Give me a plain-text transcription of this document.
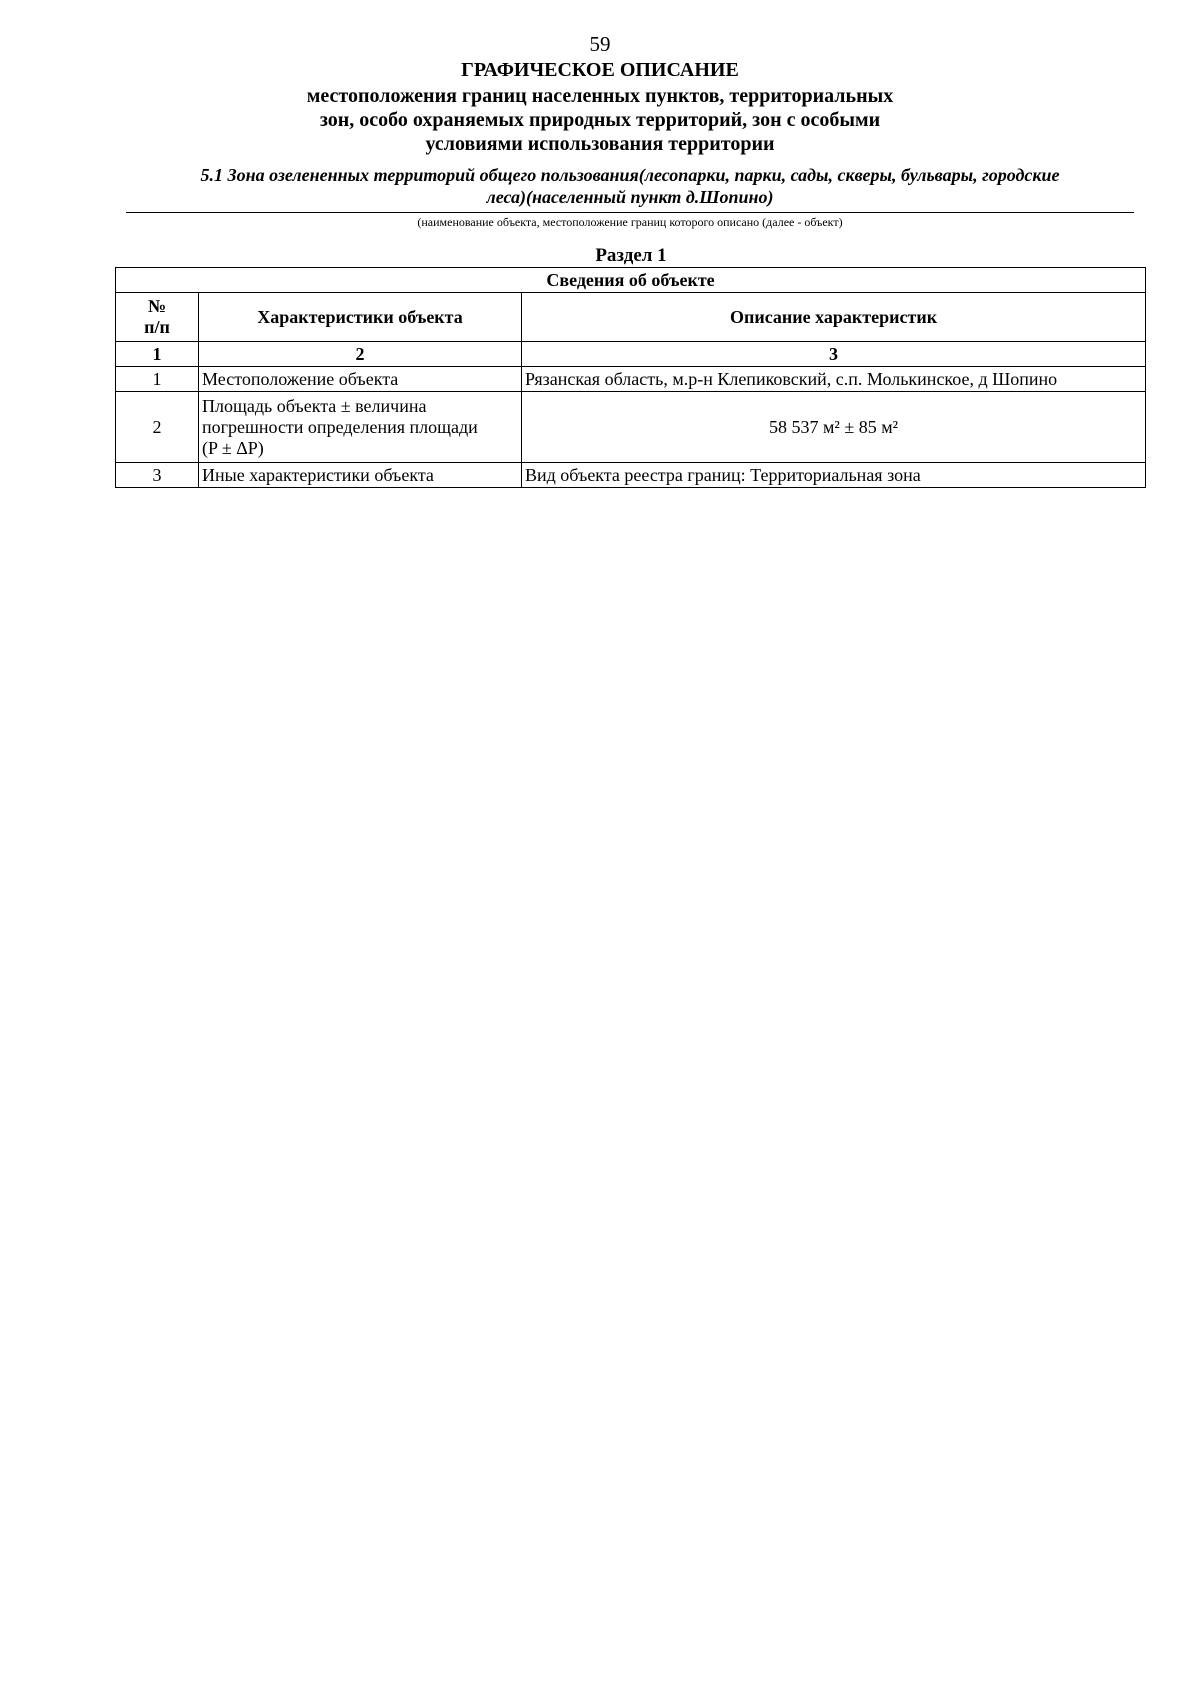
59
ГРАФИЧЕСКОЕ ОПИСАНИЕ
местоположения границ населенных пунктов, территориальных
зон, особо охраняемых природных территорий, зон с особыми
условиями использования территории
5.1 Зона озелененных территорий общего пользования(лесопарки, парки, сады, скверы, бульвары, городские
леса)(населенный пункт д.Шопино)
(наименование объекта, местоположение границ которого описано (далее - объект)
Раздел 1
Сведения об объекте		

№
п/п	Характеристики объекта	Описание характеристик
1	2	3
1	Местоположение объекта	Рязанская область, м.р-н Клепиковский, с.п. Молькинское, д Шопино
2	Площадь объекта ± величина
погрешности определения площади
(P ± ΔP)	58 537 м² ± 85 м²
3	Иные характеристики объекта	Вид объекта реестра границ: Территориальная зона
